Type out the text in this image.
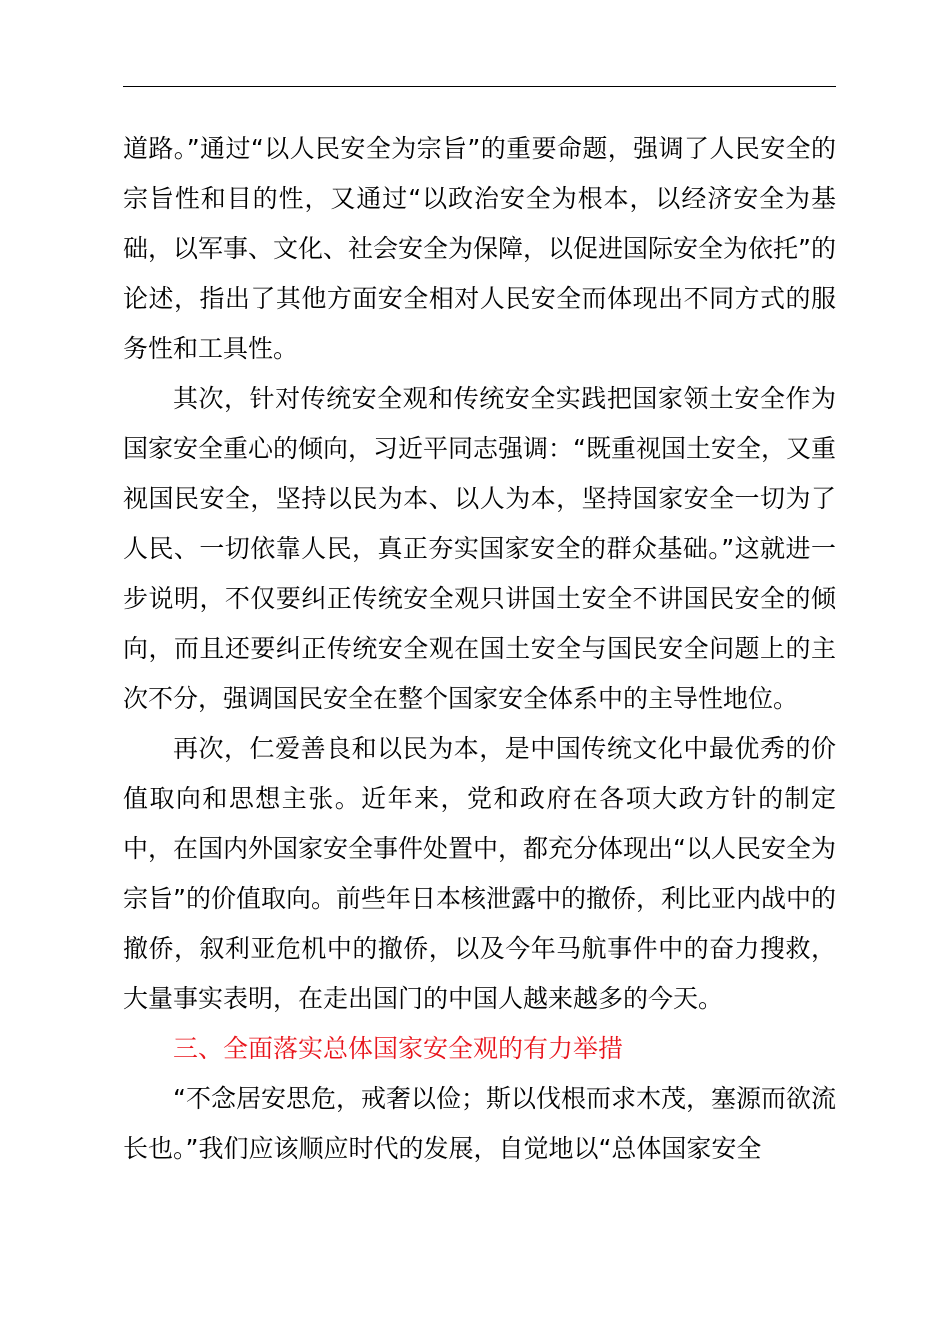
道路。”通过“以人民安全为宗旨”的重要命题，强调了人民安全的宗旨性和目的性，又通过“以政治安全为根本，以经济安全为基础，以军事、文化、社会安全为保障，以促进国际安全为依托”的论述，指出了其他方面安全相对人民安全而体现出不同方式的服务性和工具性。

其次，针对传统安全观和传统安全实践把国家领土安全作为国家安全重心的倾向，习近平同志强调：“既重视国土安全，又重视国民安全，坚持以民为本、以人为本，坚持国家安全一切为了人民、一切依靠人民，真正夯实国家安全的群众基础。”这就进一步说明，不仅要纠正传统安全观只讲国土安全不讲国民安全的倾向，而且还要纠正传统安全观在国土安全与国民安全问题上的主次不分，强调国民安全在整个国家安全体系中的主导性地位。

再次，仁爱善良和以民为本，是中国传统文化中最优秀的价值取向和思想主张。近年来，党和政府在各项大政方针的制定中，在国内外国家安全事件处置中，都充分体现出“以人民安全为宗旨”的价值取向。前些年日本核泄露中的撤侨，利比亚内战中的撤侨，叙利亚危机中的撤侨，以及今年马航事件中的奋力搜救，大量事实表明，在走出国门的中国人越来越多的今天。

三、全面落实总体国家安全观的有力举措

“不念居安思危，戒奢以俭；斯以伐根而求木茂，塞源而欲流长也。”我们应该顺应时代的发展，自觉地以“总体国家安全
